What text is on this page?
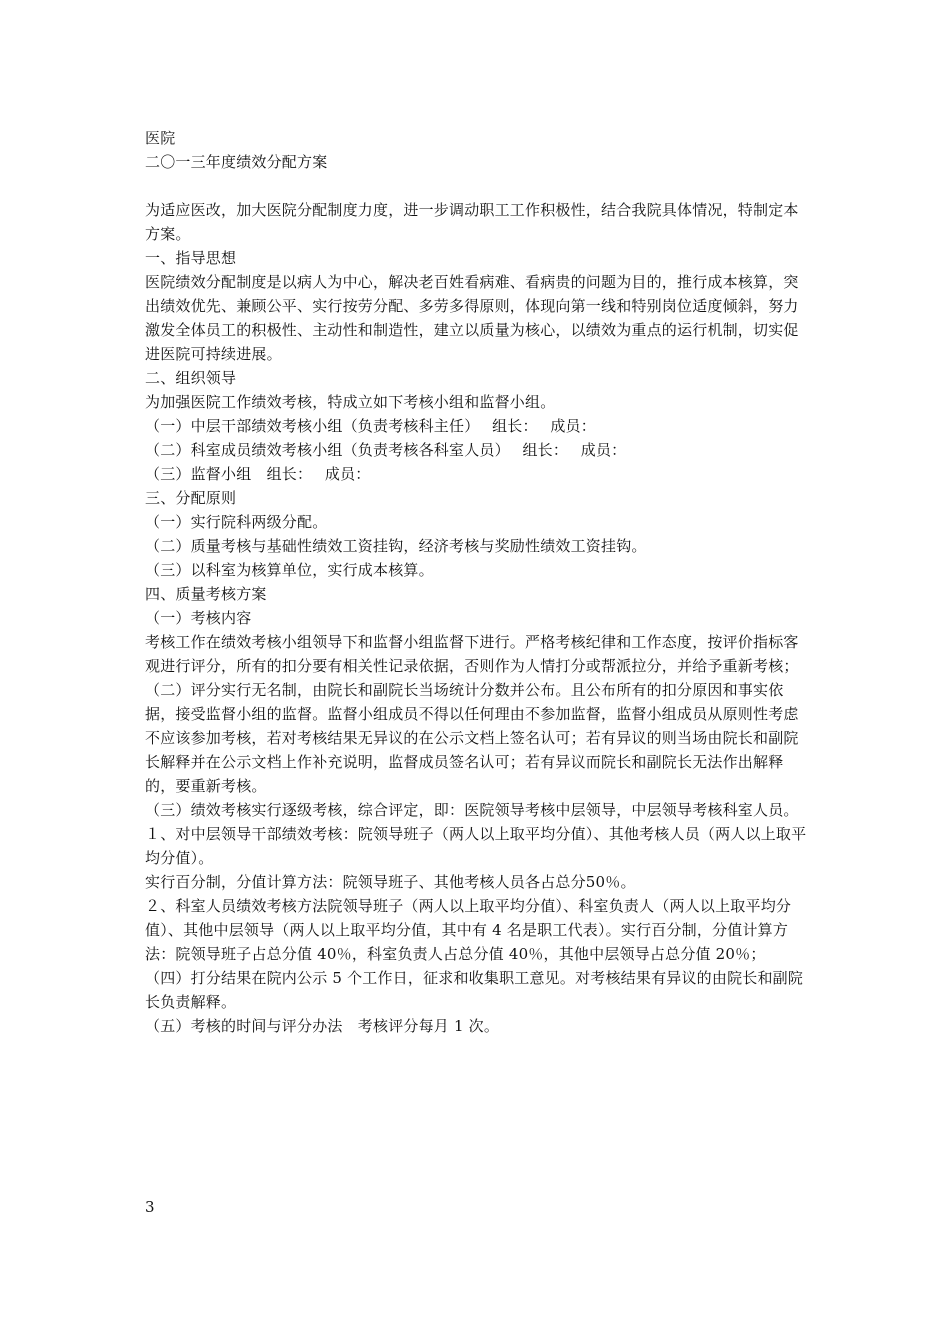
医院

二〇一三年度绩效分配方案

为适应医改，加大医院分配制度力度，进一步调动职工工作积极性，结合我院具体情况，特制定本方案。

一、指导思想

医院绩效分配制度是以病人为中心，解决老百姓看病难、看病贵的问题为目的，推行成本核算，突出绩效优先、兼顾公平、实行按劳分配、多劳多得原则，体现向第一线和特别岗位适度倾斜，努力激发全体员工的积极性、主动性和制造性，建立以质量为核心，以绩效为重点的运行机制，切实促进医院可持续进展。

二、组织领导

为加强医院工作绩效考核，特成立如下考核小组和监督小组。

（一）中层干部绩效考核小组（负责考核科主任）　 组长：　 成员：

（二）科室成员绩效考核小组（负责考核各科室人员）　 组长：　 成员：

（三）监督小组　组长：　 成员：

三、分配原则

（一）实行院科两级分配。

（二）质量考核与基础性绩效工资挂钩，经济考核与奖励性绩效工资挂钩。

（三）以科室为核算单位，实行成本核算。

四、质量考核方案

（一）考核内容

考核工作在绩效考核小组领导下和监督小组监督下进行。严格考核纪律和工作态度，按评价指标客观进行评分，所有的扣分要有相关性记录依据，否则作为人情打分或帮派拉分，并给予重新考核；

（二）评分实行无名制，由院长和副院长当场统计分数并公布。且公布所有的扣分原因和事实依据，接受监督小组的监督。监督小组成员不得以任何理由不参加监督，监督小组成员从原则性考虑不应该参加考核，若对考核结果无异议的在公示文档上签名认可；若有异议的则当场由院长和副院长解释并在公示文档上作补充说明，监督成员签名认可；若有异议而院长和副院长无法作出解释的，要重新考核。

（三）绩效考核实行逐级考核，综合评定，即：医院领导考核中层领导，中层领导考核科室人员。

１、对中层领导干部绩效考核：院领导班子（两人以上取平均分值）、其他考核人员（两人以上取平均分值）。

实行百分制，分值计算方法：院领导班子、其他考核人员各占总分50％。

２、科室人员绩效考核方法院领导班子（两人以上取平均分值）、科室负责人（两人以上取平均分值）、其他中层领导（两人以上取平均分值，其中有 4 名是职工代表）。实行百分制，分值计算方法：院领导班子占总分值 40％，科室负责人占总分值 40％，其他中层领导占总分值 20％；

（四）打分结果在院内公示 5 个工作日，征求和收集职工意见。对考核结果有异议的由院长和副院长负责解释。

（五）考核的时间与评分办法　考核评分每月 1 次。

3
